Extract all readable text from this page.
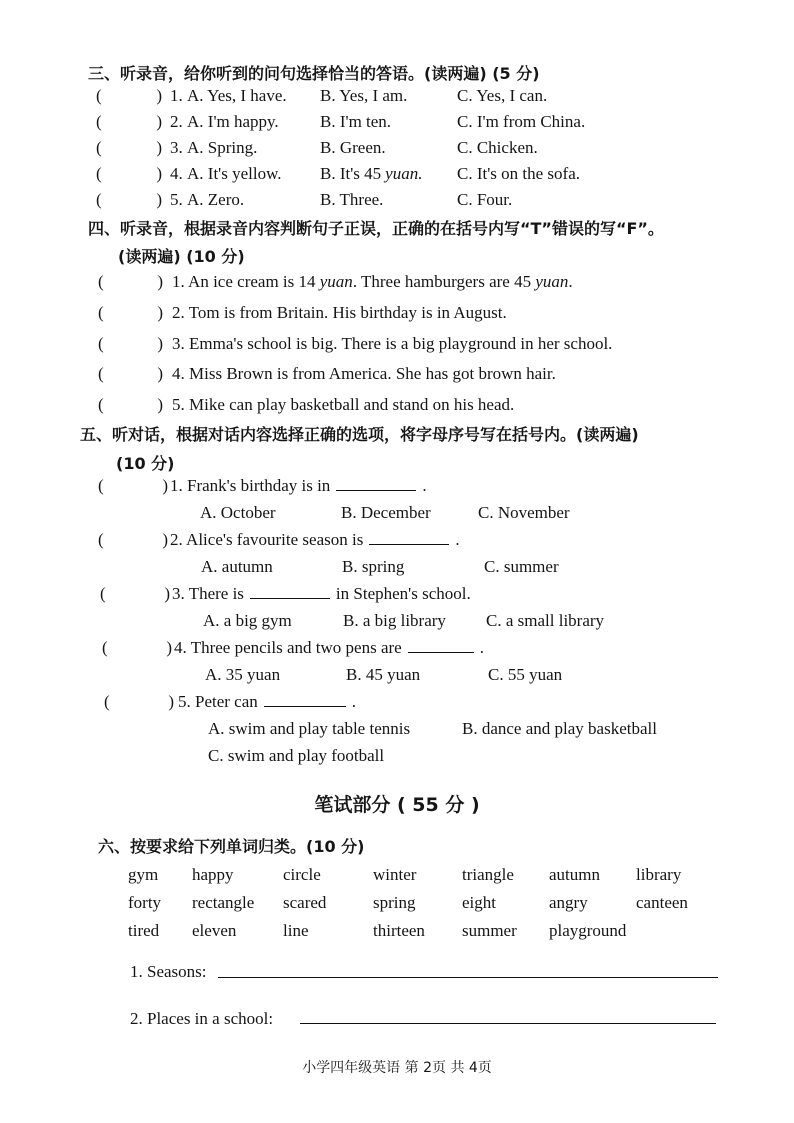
三、听录音，给你听到的问句选择恰当的答语。(读两遍) (5 分)
(	) 1. A. Yes, I have. B. Yes, I am.	C. Yes, I can.
(	) 2. A. I'm happy. B. I'm ten.	C. I'm from China.
(	) 3. A. Spring.	B. Green.	C. Chicken.
(	) 4. A. It's yellow. B. It's 45 yuan. C. It's on the sofa.
(	) 5. A. Zero.	B. Three.	C. Four.
四、听录音，根据录音内容判断句子正误，正确的在括号内写“T”错误的写“F”。
(读两遍) (10 分)
(	) 1. An ice cream is 14 yuan. Three hamburgers are 45 yuan.
(	) 2. Tom is from Britain. His birthday is in August.
(	) 3. Emma's school is big. There is a big playground in her school.
(	) 4. Miss Brown is from America. She has got brown hair.
(	) 5. Mike can play basketball and stand on his head.
五、听对话，根据对话内容选择正确的选项，将字母序号写在括号内。(读两遍)
(10 分)
(	) 1. Frank's birthday is in	.
A. October	B. December	C. November
(	) 2. Alice's favourite season is	.
A. autumn	B. spring	C. summer
(	) 3. There is	in Stephen's school.
A. a big gym	B. a big library C. a small library
(	) 4. Three pencils and two pens are	.
A. 35 yuan	B. 45 yuan	C. 55 yuan
(	) 5. Peter can	.
A. swim and play table tennis	B. dance and play basketball
C. swim and play football
笔试部分 ( 55 分 )
六、按要求给下列单词归类。(10 分)
gym happy	circle	winter	triangle autumn library
forty rectangle scared	spring	eight	angry	canteen
tired eleven	line	thirteen summer playground
1. Seasons:
2. Places in a school:
小学四年级英语 第 2页 共 4页
